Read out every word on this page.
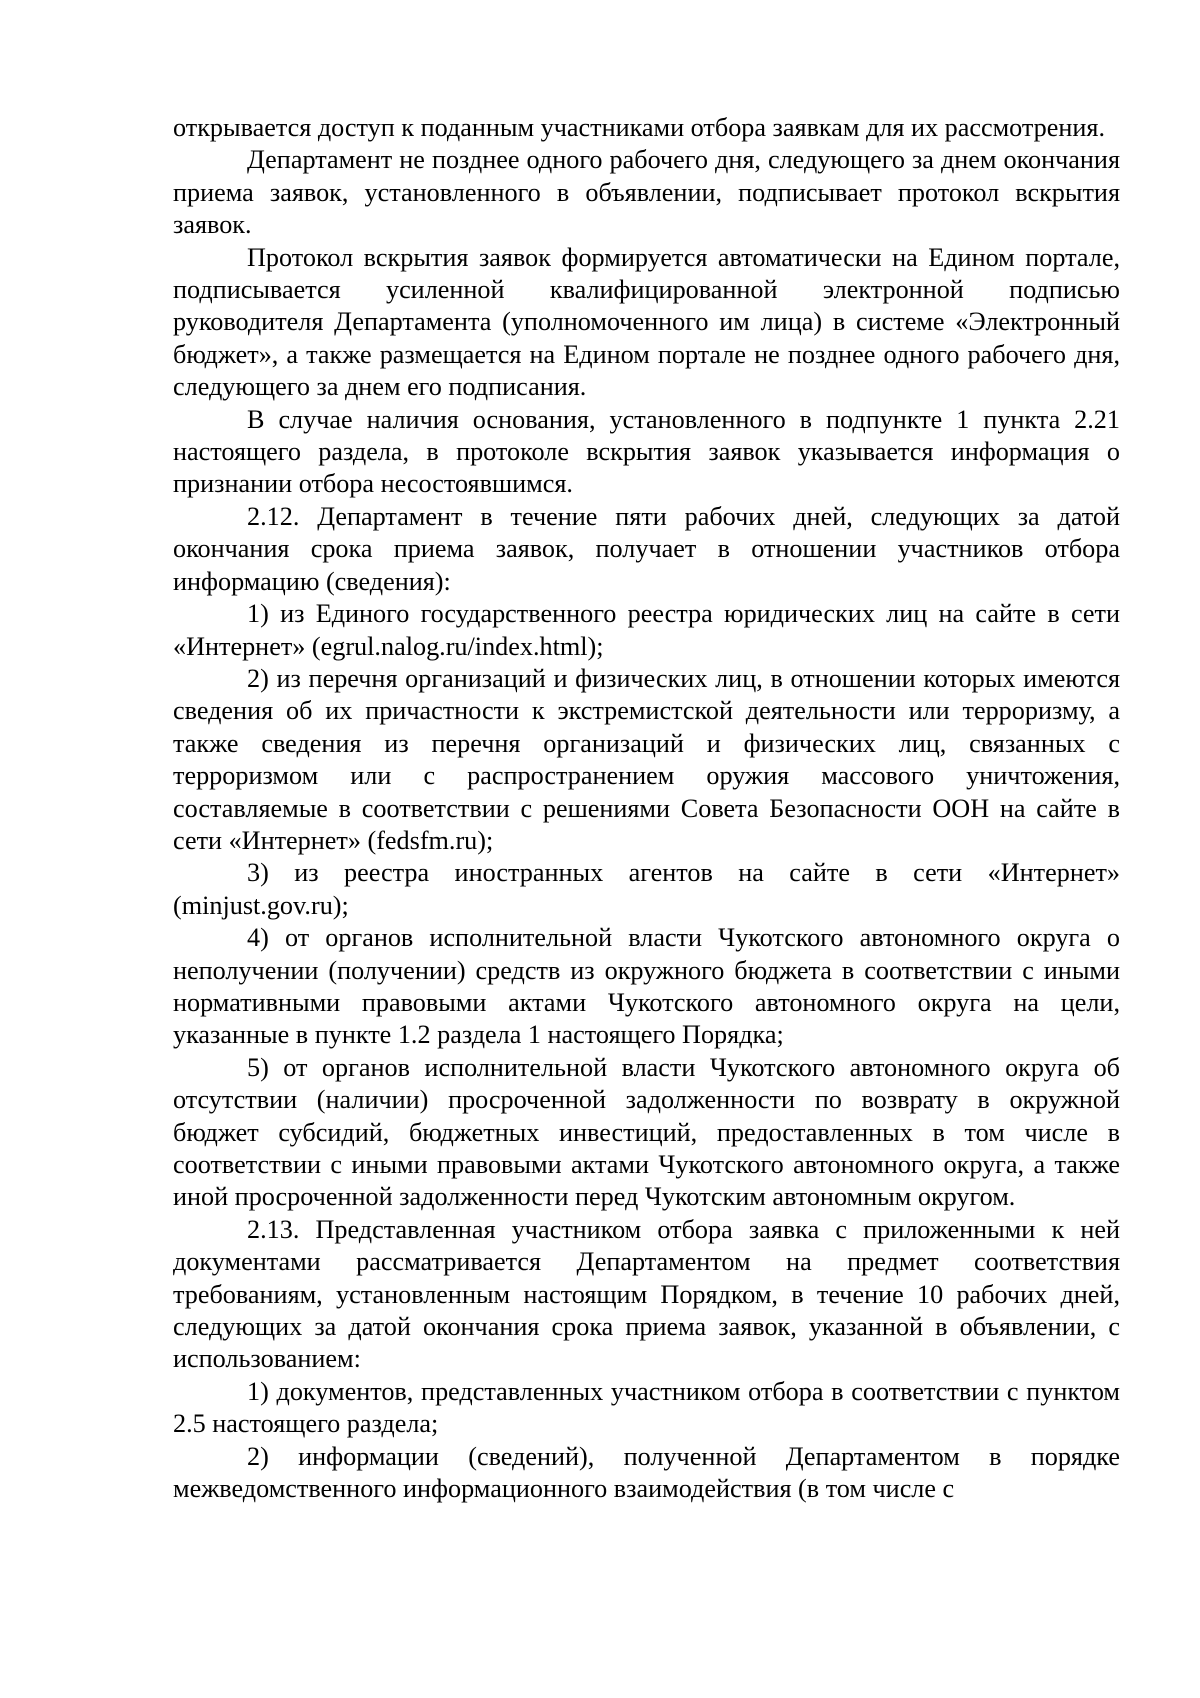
открывается доступ к поданным участниками отбора заявкам для их рассмотрения.

Департамент не позднее одного рабочего дня, следующего за днем окончания приема заявок, установленного в объявлении, подписывает протокол вскрытия заявок.

Протокол вскрытия заявок формируется автоматически на Едином портале, подписывается усиленной квалифицированной электронной подписью руководителя Департамента (уполномоченного им лица) в системе «Электронный бюджет», а также размещается на Едином портале не позднее одного рабочего дня, следующего за днем его подписания.

В случае наличия основания, установленного в подпункте 1 пункта 2.21 настоящего раздела, в протоколе вскрытия заявок указывается информация о признании отбора несостоявшимся.

2.12. Департамент в течение пяти рабочих дней, следующих за датой окончания срока приема заявок, получает в отношении участников отбора информацию (сведения):

1) из Единого государственного реестра юридических лиц на сайте в сети «Интернет» (egrul.nalog.ru/index.html);

2) из перечня организаций и физических лиц, в отношении которых имеются сведения об их причастности к экстремистской деятельности или терроризму, а также сведения из перечня организаций и физических лиц, связанных с терроризмом или с распространением оружия массового уничтожения, составляемые в соответствии с решениями Совета Безопасности ООН на сайте в сети «Интернет» (fedsfm.ru);

3) из реестра иностранных агентов на сайте в сети «Интернет» (minjust.gov.ru);

4) от органов исполнительной власти Чукотского автономного округа о неполучении (получении) средств из окружного бюджета в соответствии с иными нормативными правовыми актами Чукотского автономного округа на цели, указанные в пункте 1.2 раздела 1 настоящего Порядка;

5) от органов исполнительной власти Чукотского автономного округа об отсутствии (наличии) просроченной задолженности по возврату в окружной бюджет субсидий, бюджетных инвестиций, предоставленных в том числе в соответствии с иными правовыми актами Чукотского автономного округа, а также иной просроченной задолженности перед Чукотским автономным округом.

2.13. Представленная участником отбора заявка с приложенными к ней документами рассматривается Департаментом на предмет соответствия требованиям, установленным настоящим Порядком, в течение 10 рабочих дней, следующих за датой окончания срока приема заявок, указанной в объявлении, с использованием:

1) документов, представленных участником отбора в соответствии с пунктом 2.5 настоящего раздела;

2) информации (сведений), полученной Департаментом в порядке межведомственного информационного взаимодействия (в том числе с
